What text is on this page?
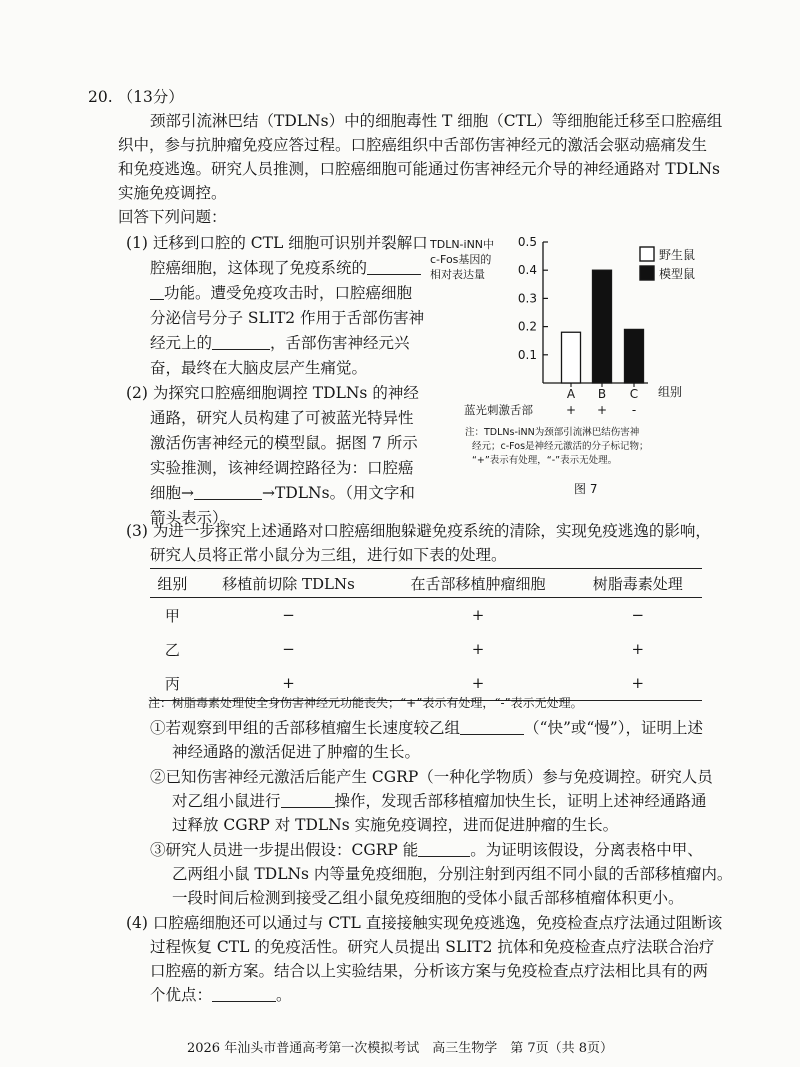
20. （13分）
颈部引流淋巴结（TDLNs）中的细胞毒性 T 细胞（CTL）等细胞能迁移至口腔癌组
织中，参与抗肿瘤免疫应答过程。口腔癌组织中舌部伤害神经元的激活会驱动癌痛发生
和免疫逃逸。研究人员推测，口腔癌细胞可能通过伤害神经元介导的神经通路对 TDLNs
实施免疫调控。
回答下列问题：
(1) 迁移到口腔的 CTL 细胞可识别并裂解口
腔癌细胞，这体现了免疫系统的
功能。遭受免疫攻击时，口腔癌细胞
分泌信号分子 SLIT2 作用于舌部伤害神
经元上的	，舌部伤害神经元兴
奋，最终在大脑皮层产生痛觉。
(2) 为探究口腔癌细胞调控 TDLNs 的神经
通路，研究人员构建了可被蓝光特异性
激活伤害神经元的模型鼠。据图 7 所示
实验推测，该神经调控路径为：口腔癌
细胞→	→TDLNs。（用文字和
箭头表示）。
TDLN-iNN中
c-Fos基因的
相对表达量
0.1
0.2
0.3
0.4
0.5
A B C 组别
野生鼠
模型鼠
蓝光刺激舌部	+ + -
注：TDLNs-iNN为颈部引流淋巴结伤害神
经元；c-Fos是神经元激活的分子标记物；
“+”表示有处理，“-”表示无处理。
图 7
(3) 为进一步探究上述通路对口腔癌细胞躲避免疫系统的清除，实现免疫逃逸的影响，
研究人员将正常小鼠分为三组，进行如下表的处理。
组别	移植前切除 TDLNs	在舌部移植肿瘤细胞	树脂毒素处理
甲	−	+	−
乙	−	+	+
丙	+	+	+
注：树脂毒素处理使全身伤害神经元功能丧失；“+”表示有处理，“-”表示无处理。
①若观察到甲组的舌部移植瘤生长速度较乙组	（“快”或“慢”），证明上述
神经通路的激活促进了肿瘤的生长。
②已知伤害神经元激活后能产生 CGRP（一种化学物质）参与免疫调控。研究人员
对乙组小鼠进行	操作，发现舌部移植瘤加快生长，证明上述神经通路通
过释放 CGRP 对 TDLNs 实施免疫调控，进而促进肿瘤的生长。
③研究人员进一步提出假设：CGRP 能	。为证明该假设，分离表格中甲、
乙两组小鼠 TDLNs 内等量免疫细胞，分别注射到丙组不同小鼠的舌部移植瘤内。
一段时间后检测到接受乙组小鼠免疫细胞的受体小鼠舌部移植瘤体积更小。
(4) 口腔癌细胞还可以通过与 CTL 直接接触实现免疫逃逸，免疫检查点疗法通过阻断该
过程恢复 CTL 的免疫活性。研究人员提出 SLIT2 抗体和免疫检查点疗法联合治疗
口腔癌的新方案。结合以上实验结果，分析该方案与免疫检查点疗法相比具有的两
个优点：	。
2026 年汕头市普通高考第一次模拟考试　高三生物学　第 7页（共 8页）
